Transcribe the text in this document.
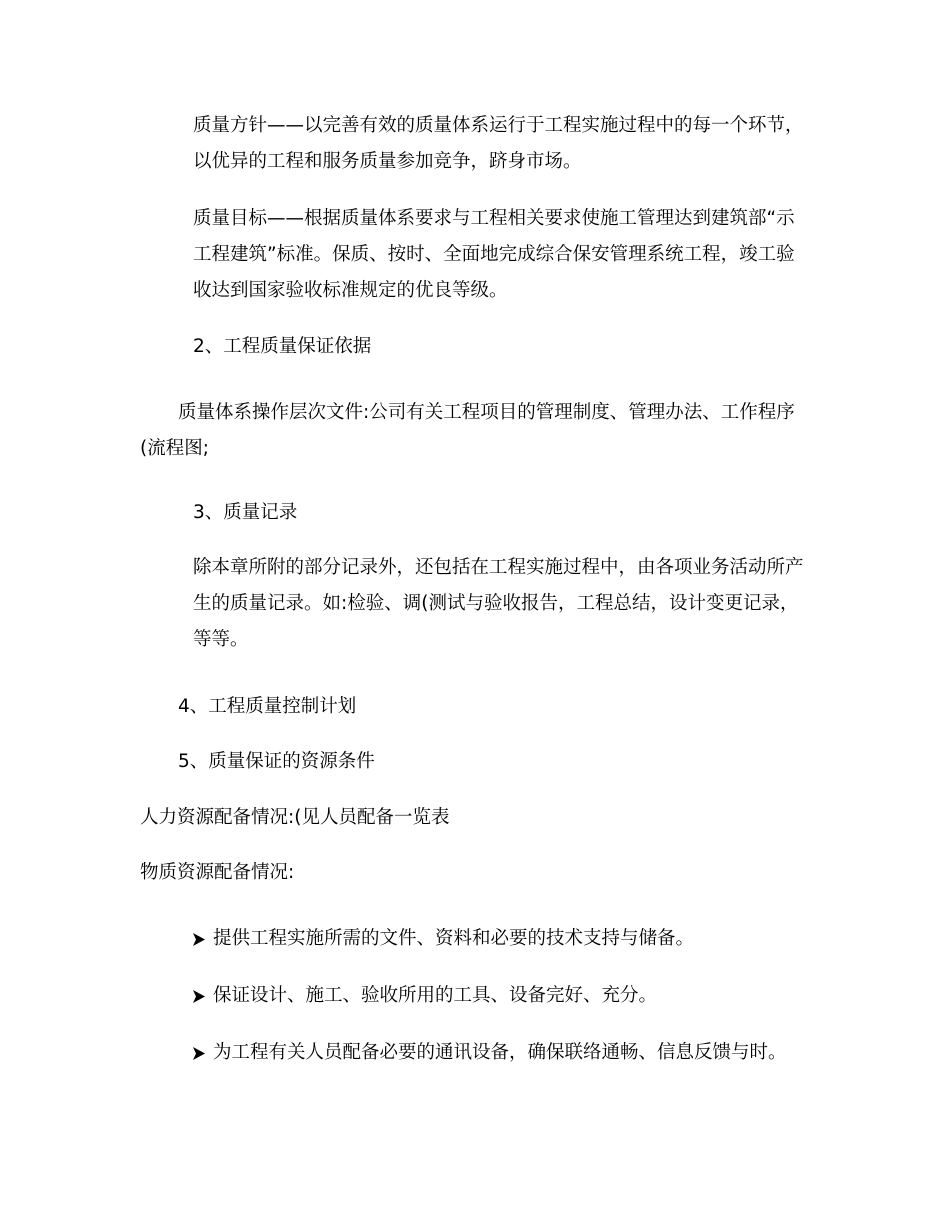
质量方针——以完善有效的质量体系运行于工程实施过程中的每一个环节，
以优异的工程和服务质量参加竞争，跻身市场。
质量目标——根据质量体系要求与工程相关要求使施工管理达到建筑部“示
工程建筑”标准。保质、按时、全面地完成综合保安管理系统工程，竣工验
收达到国家验收标准规定的优良等级。
2、工程质量保证依据
质量体系操作层次文件:公司有关工程项目的管理制度、管理办法、工作程序
(流程图;
3、质量记录
除本章所附的部分记录外，还包括在工程实施过程中，由各项业务活动所产
生的质量记录。如:检验、调(测试与验收报告，工程总结，设计变更记录，
等等。
4、工程质量控制计划
5、质量保证的资源条件
人力资源配备情况:(见人员配备一览表
物质资源配备情况:
提供工程实施所需的文件、资料和必要的技术支持与储备。
保证设计、施工、验收所用的工具、设备完好、充分。
为工程有关人员配备必要的通讯设备，确保联络通畅、信息反馈与时。
